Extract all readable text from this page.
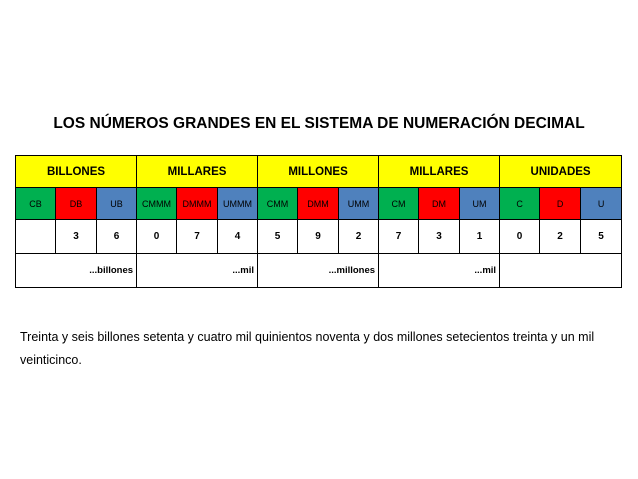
LOS NÚMEROS GRANDES EN EL SISTEMA DE NUMERACIÓN DECIMAL
BILLONES			MILLARES			MILLONES			MILLARES			UNIDADES		
CB	DB	UB	CMMM	DMMM	UMMM	CMM	DMM	UMM	CM	DM	UM	C	D	U
	3	6	0	7	4	5	9	2	7	3	1	0	2	5
...billones			...mil			...millones			...mil					
Treinta y seis billones setenta y cuatro mil quinientos noventa y dos millones setecientos treinta y un mil veinticinco.
